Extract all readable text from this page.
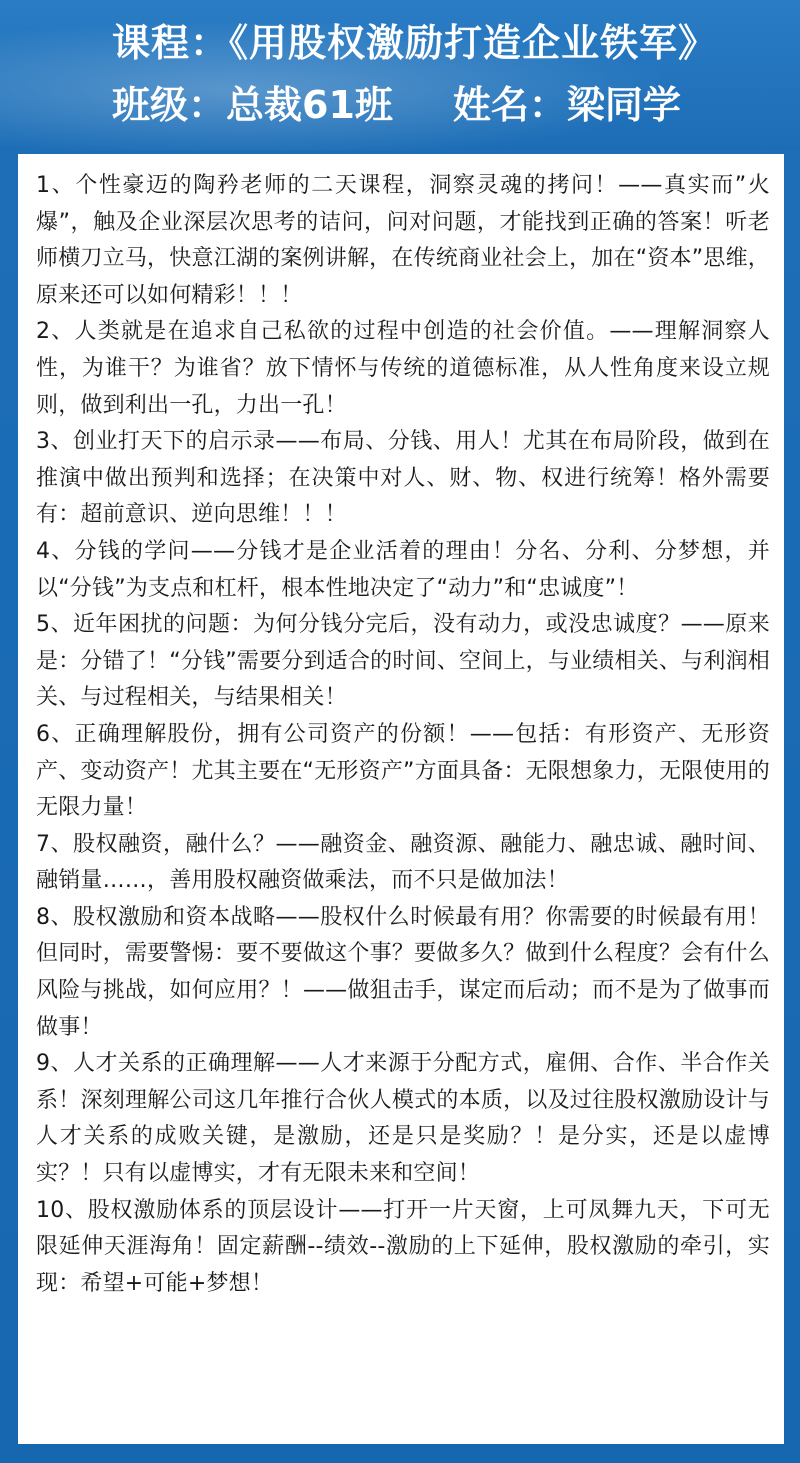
课程：《用股权激励打造企业铁军》
班级：总裁61班 姓名：梁同学

1、个性豪迈的陶矜老师的二天课程，洞察灵魂的拷问！——真实而”火爆”，触及企业深层次思考的诘问，问对问题，才能找到正确的答案！听老师横刀立马，快意江湖的案例讲解，在传统商业社会上，加在“资本”思维，原来还可以如何精彩！！！

2、人类就是在追求自己私欲的过程中创造的社会价值。——理解洞察人性，为谁干？为谁省？放下情怀与传统的道德标准，从人性角度来设立规则，做到利出一孔，力出一孔！

3、创业打天下的启示录——布局、分钱、用人！尤其在布局阶段，做到在推演中做出预判和选择；在决策中对人、财、物、权进行统筹！格外需要有：超前意识、逆向思维！！！

4、分钱的学问——分钱才是企业活着的理由！分名、分利、分梦想，并以“分钱”为支点和杠杆，根本性地决定了“动力”和“忠诚度”！

5、近年困扰的问题：为何分钱分完后，没有动力，或没忠诚度？——原来是：分错了！“分钱”需要分到适合的时间、空间上，与业绩相关、与利润相关、与过程相关，与结果相关！

6、正确理解股份，拥有公司资产的份额！——包括：有形资产、无形资产、变动资产！尤其主要在“无形资产”方面具备：无限想象力，无限使用的无限力量！

7、股权融资，融什么？——融资金、融资源、融能力、融忠诚、融时间、融销量……，善用股权融资做乘法，而不只是做加法！

8、股权激励和资本战略——股权什么时候最有用？你需要的时候最有用！但同时，需要警惕：要不要做这个事？要做多久？做到什么程度？会有什么风险与挑战，如何应用？！——做狙击手，谋定而后动；而不是为了做事而做事！

9、人才关系的正确理解——人才来源于分配方式，雇佣、合作、半合作关系！深刻理解公司这几年推行合伙人模式的本质，以及过往股权激励设计与人才关系的成败关键，是激励，还是只是奖励？！是分实，还是以虚博实？！只有以虚博实，才有无限未来和空间！

10、股权激励体系的顶层设计——打开一片天窗，上可凤舞九天，下可无限延伸天涯海角！固定薪酬--绩效--激励的上下延伸，股权激励的牵引，实现：希望+可能+梦想！
